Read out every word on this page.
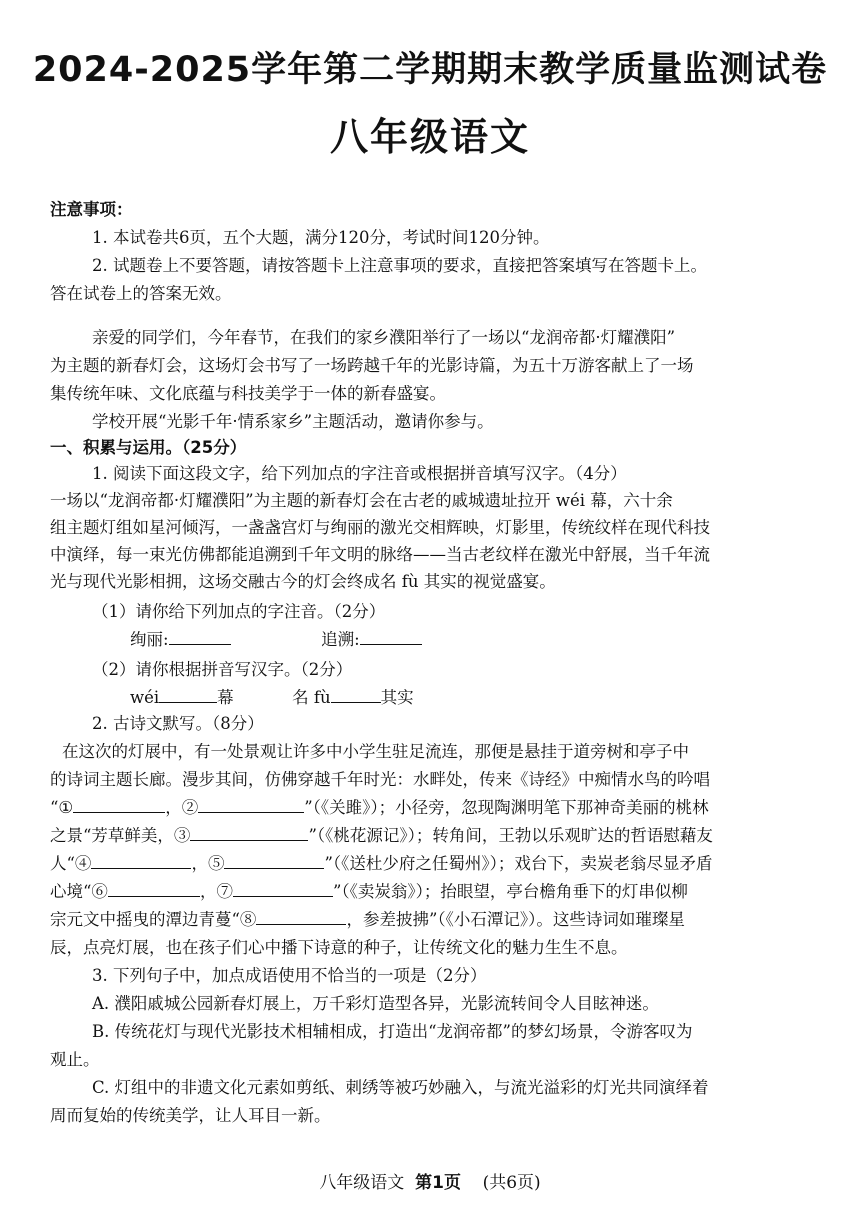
2024-2025学年第二学期期末教学质量监测试卷
八年级语文
注意事项：
1. 本试卷共6页，五个大题，满分120分，考试时间120分钟。
2. 试题卷上不要答题，请按答题卡上注意事项的要求，直接把答案填写在答题卡上。
答在试卷上的答案无效。
亲爱的同学们，今年春节，在我们的家乡濮阳举行了一场以“龙润帝都·灯耀濮阳”
为主题的新春灯会，这场灯会书写了一场跨越千年的光影诗篇，为五十万游客献上了一场
集传统年味、文化底蕴与科技美学于一体的新春盛宴。
学校开展“光影千年·情系家乡”主题活动，邀请你参与。
一、积累与运用。（25分）
1. 阅读下面这段文字，给下列加点的字注音或根据拼音填写汉字。（4分）
一场以“龙润帝都·灯耀濮阳”为主题的新春灯会在古老的戚城遗址拉开 wéi 幕，六十余
组主题灯组如星河倾泻，一盏盏宫灯与绚丽的激光交相辉映，灯影里，传统纹样在现代科技
中演绎，每一束光仿佛都能追溯到千年文明的脉络——当古老纹样在激光中舒展，当千年流
光与现代光影相拥，这场交融古今的灯会终成名 fù 其实的视觉盛宴。
（1）请你给下列加点的字注音。（2分）
绚丽:	追溯:
（2）请你根据拼音写汉字。（2分）
wéi	幕	名 fù	其实
2. 古诗文默写。（8分）
在这次的灯展中，有一处景观让许多中小学生驻足流连，那便是悬挂于道旁树和亭子中
的诗词主题长廊。漫步其间，仿佛穿越千年时光：水畔处，传来《诗经》中痴情水鸟的吟唱
“①	，②	”（《关雎》）；小径旁，忽现陶渊明笔下那神奇美丽的桃林
之景“芳草鲜美，③	”（《桃花源记》）；转角间，王勃以乐观旷达的哲语慰藉友
人“④	，⑤	”（《送杜少府之任蜀州》）；戏台下，卖炭老翁尽显矛盾
心境“⑥	，⑦	”（《卖炭翁》）；抬眼望，亭台檐角垂下的灯串似柳
宗元文中摇曳的潭边青蔓“⑧	，参差披拂”（《小石潭记》）。这些诗词如璀璨星
辰，点亮灯展，也在孩子们心中播下诗意的种子，让传统文化的魅力生生不息。
3. 下列句子中，加点成语使用不恰当的一项是（2分）
A. 濮阳戚城公园新春灯展上，万千彩灯造型各异，光影流转间令人目眩神迷。
B. 传统花灯与现代光影技术相辅相成，打造出“龙润帝都”的梦幻场景，令游客叹为
观止。
C. 灯组中的非遗文化元素如剪纸、刺绣等被巧妙融入，与流光溢彩的灯光共同演绎着
周而复始的传统美学，让人耳目一新。
八年级语文 第1页 (共6页)
